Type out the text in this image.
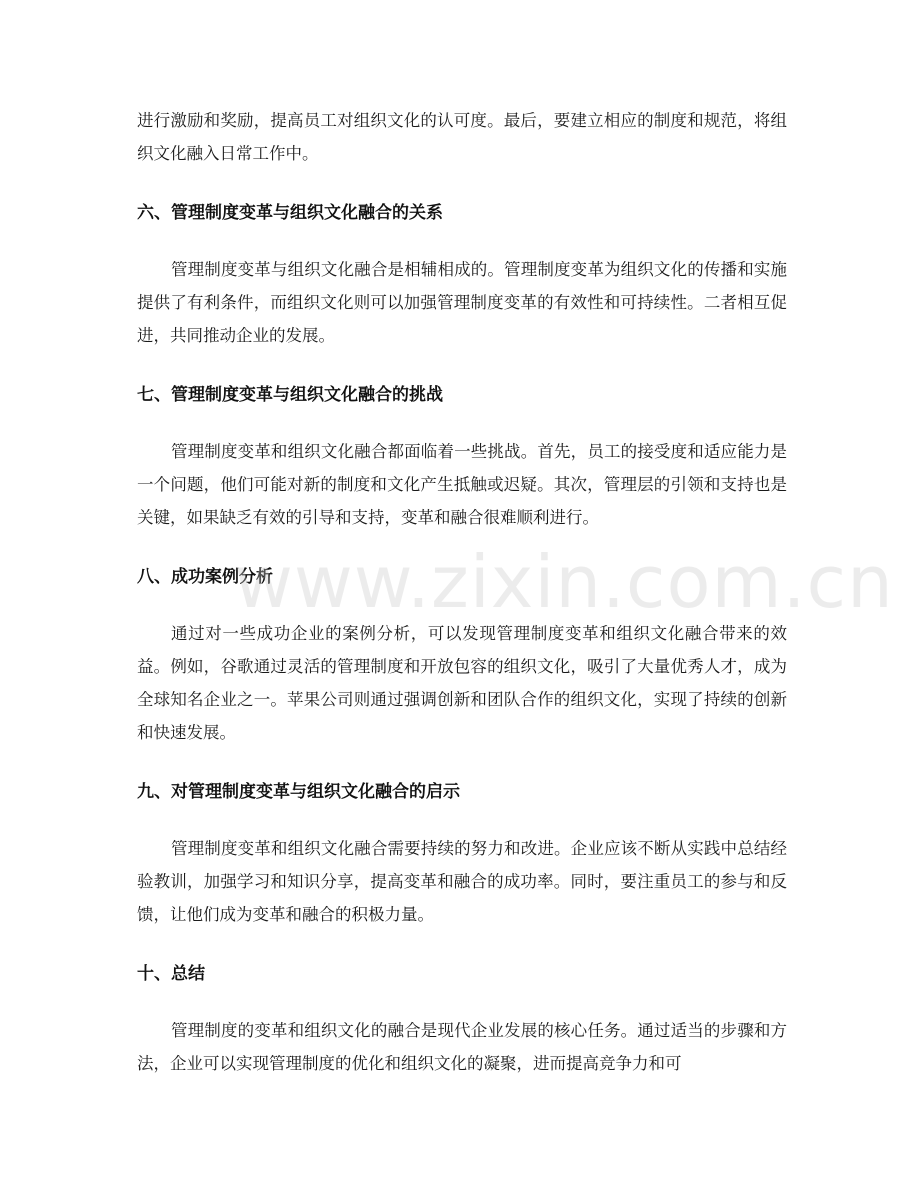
进行激励和奖励，提高员工对组织文化的认可度。最后，要建立相应的制度和规范，将组织文化融入日常工作中。

六、管理制度变革与组织文化融合的关系

管理制度变革与组织文化融合是相辅相成的。管理制度变革为组织文化的传播和实施提供了有利条件，而组织文化则可以加强管理制度变革的有效性和可持续性。二者相互促进，共同推动企业的发展。

七、管理制度变革与组织文化融合的挑战

管理制度变革和组织文化融合都面临着一些挑战。首先，员工的接受度和适应能力是一个问题，他们可能对新的制度和文化产生抵触或迟疑。其次，管理层的引领和支持也是关键，如果缺乏有效的引导和支持，变革和融合很难顺利进行。

八、成功案例分析

通过对一些成功企业的案例分析，可以发现管理制度变革和组织文化融合带来的效益。例如，谷歌通过灵活的管理制度和开放包容的组织文化，吸引了大量优秀人才，成为全球知名企业之一。苹果公司则通过强调创新和团队合作的组织文化，实现了持续的创新和快速发展。

九、对管理制度变革与组织文化融合的启示

管理制度变革和组织文化融合需要持续的努力和改进。企业应该不断从实践中总结经验教训，加强学习和知识分享，提高变革和融合的成功率。同时，要注重员工的参与和反馈，让他们成为变革和融合的积极力量。

十、总结

管理制度的变革和组织文化的融合是现代企业发展的核心任务。通过适当的步骤和方法，企业可以实现管理制度的优化和组织文化的凝聚，进而提高竞争力和可

www.zixin.com.cn
